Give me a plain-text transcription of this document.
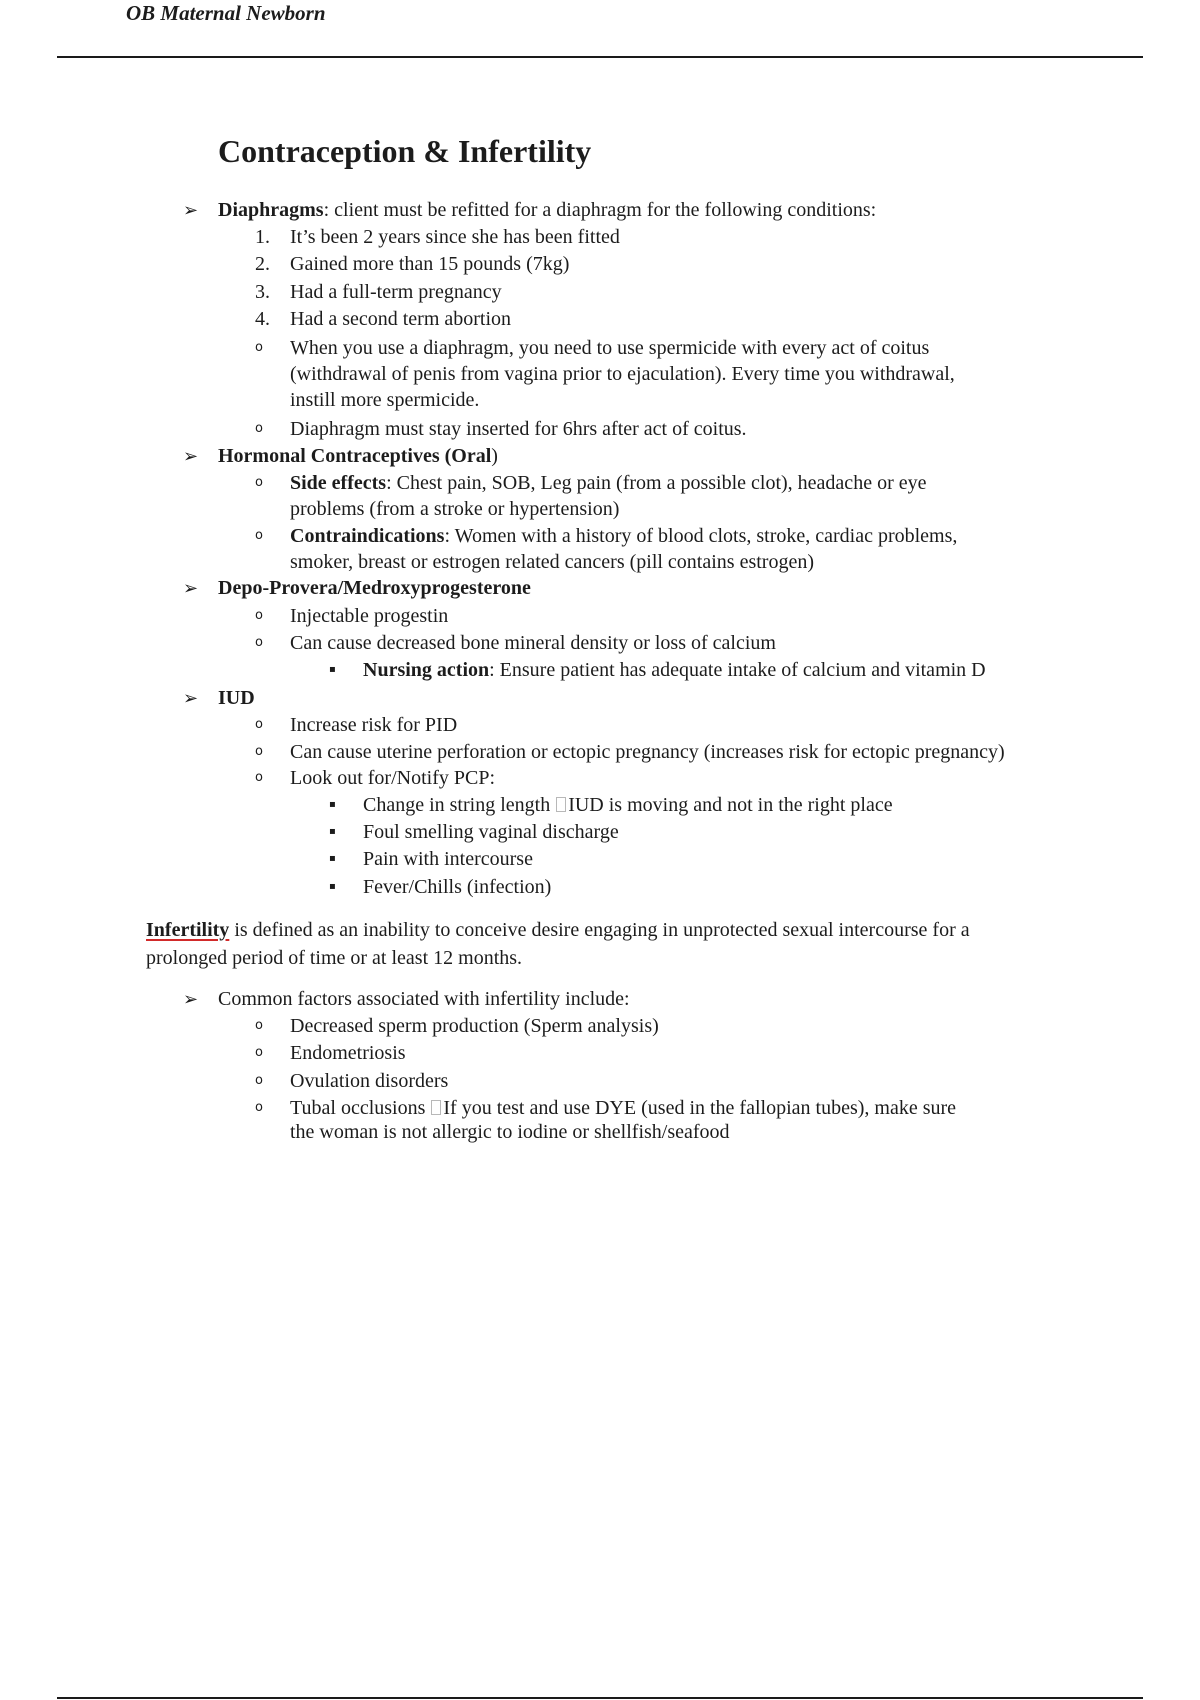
OB Maternal Newborn
Contraception & Infertility
➢ Diaphragms: client must be refitted for a diaphragm for the following conditions:
1. It’s been 2 years since she has been fitted
2. Gained more than 15 pounds (7kg)
3. Had a full-term pregnancy
4. Had a second term abortion
o When you use a diaphragm, you need to use spermicide with every act of coitus
(withdrawal of penis from vagina prior to ejaculation). Every time you withdrawal,
instill more spermicide.
o Diaphragm must stay inserted for 6hrs after act of coitus.
➢ Hormonal Contraceptives (Oral)
o Side effects: Chest pain, SOB, Leg pain (from a possible clot), headache or eye
problems (from a stroke or hypertension)
o Contraindications: Women with a history of blood clots, stroke, cardiac problems,
smoker, breast or estrogen related cancers (pill contains estrogen)
➢ Depo-Provera/Medroxyprogesterone
o Injectable progestin
o Can cause decreased bone mineral density or loss of calcium
▪ Nursing action: Ensure patient has adequate intake of calcium and vitamin D
➢ IUD
o Increase risk for PID
o Can cause uterine perforation or ectopic pregnancy (increases risk for ectopic pregnancy)
o Look out for/Notify PCP:
▪ Change in string length IUD is moving and not in the right place
▪ Foul smelling vaginal discharge
▪ Pain with intercourse
▪ Fever/Chills (infection)
Infertility is defined as an inability to conceive desire engaging in unprotected sexual intercourse for a
prolonged period of time or at least 12 months.
➢ Common factors associated with infertility include:
o Decreased sperm production (Sperm analysis)
o Endometriosis
o Ovulation disorders
o Tubal occlusions If you test and use DYE (used in the fallopian tubes), make sure
the woman is not allergic to iodine or shellfish/seafood
